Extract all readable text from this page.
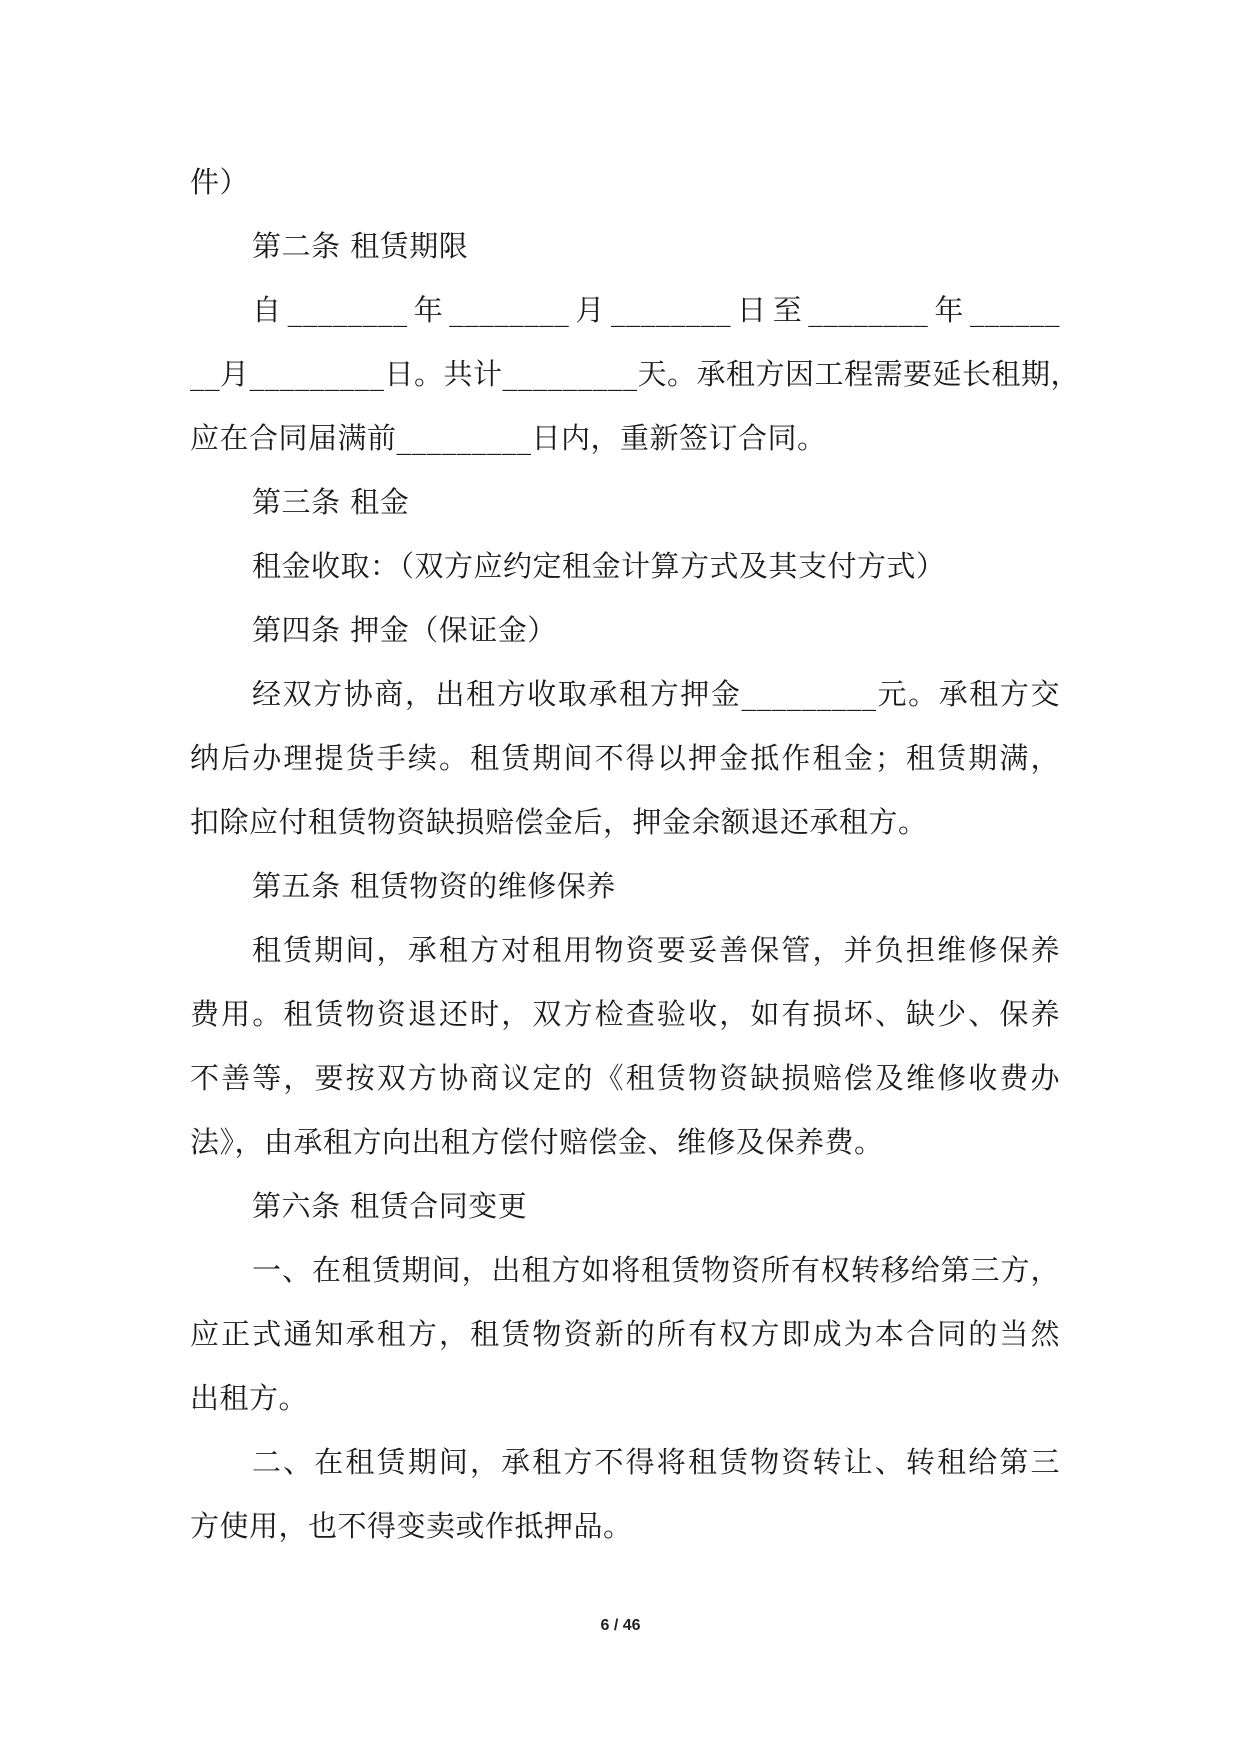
件）
第二条 租赁期限
自________年________月________日至________年______
__月_________日。共计_________天。承租方因工程需要延长租期，
应在合同届满前_________日内，重新签订合同。
第三条 租金
租金收取：（双方应约定租金计算方式及其支付方式）
第四条 押金（保证金）
经双方协商，出租方收取承租方押金_________元。承租方交
纳后办理提货手续。租赁期间不得以押金抵作租金；租赁期满，
扣除应付租赁物资缺损赔偿金后，押金余额退还承租方。
第五条 租赁物资的维修保养
租赁期间，承租方对租用物资要妥善保管，并负担维修保养
费用。租赁物资退还时，双方检查验收，如有损坏、缺少、保养
不善等，要按双方协商议定的《租赁物资缺损赔偿及维修收费办
法》，由承租方向出租方偿付赔偿金、维修及保养费。
第六条 租赁合同变更
一、在租赁期间，出租方如将租赁物资所有权转移给第三方，
应正式通知承租方，租赁物资新的所有权方即成为本合同的当然
出租方。
二、在租赁期间，承租方不得将租赁物资转让、转租给第三
方使用，也不得变卖或作抵押品。
6 / 46
